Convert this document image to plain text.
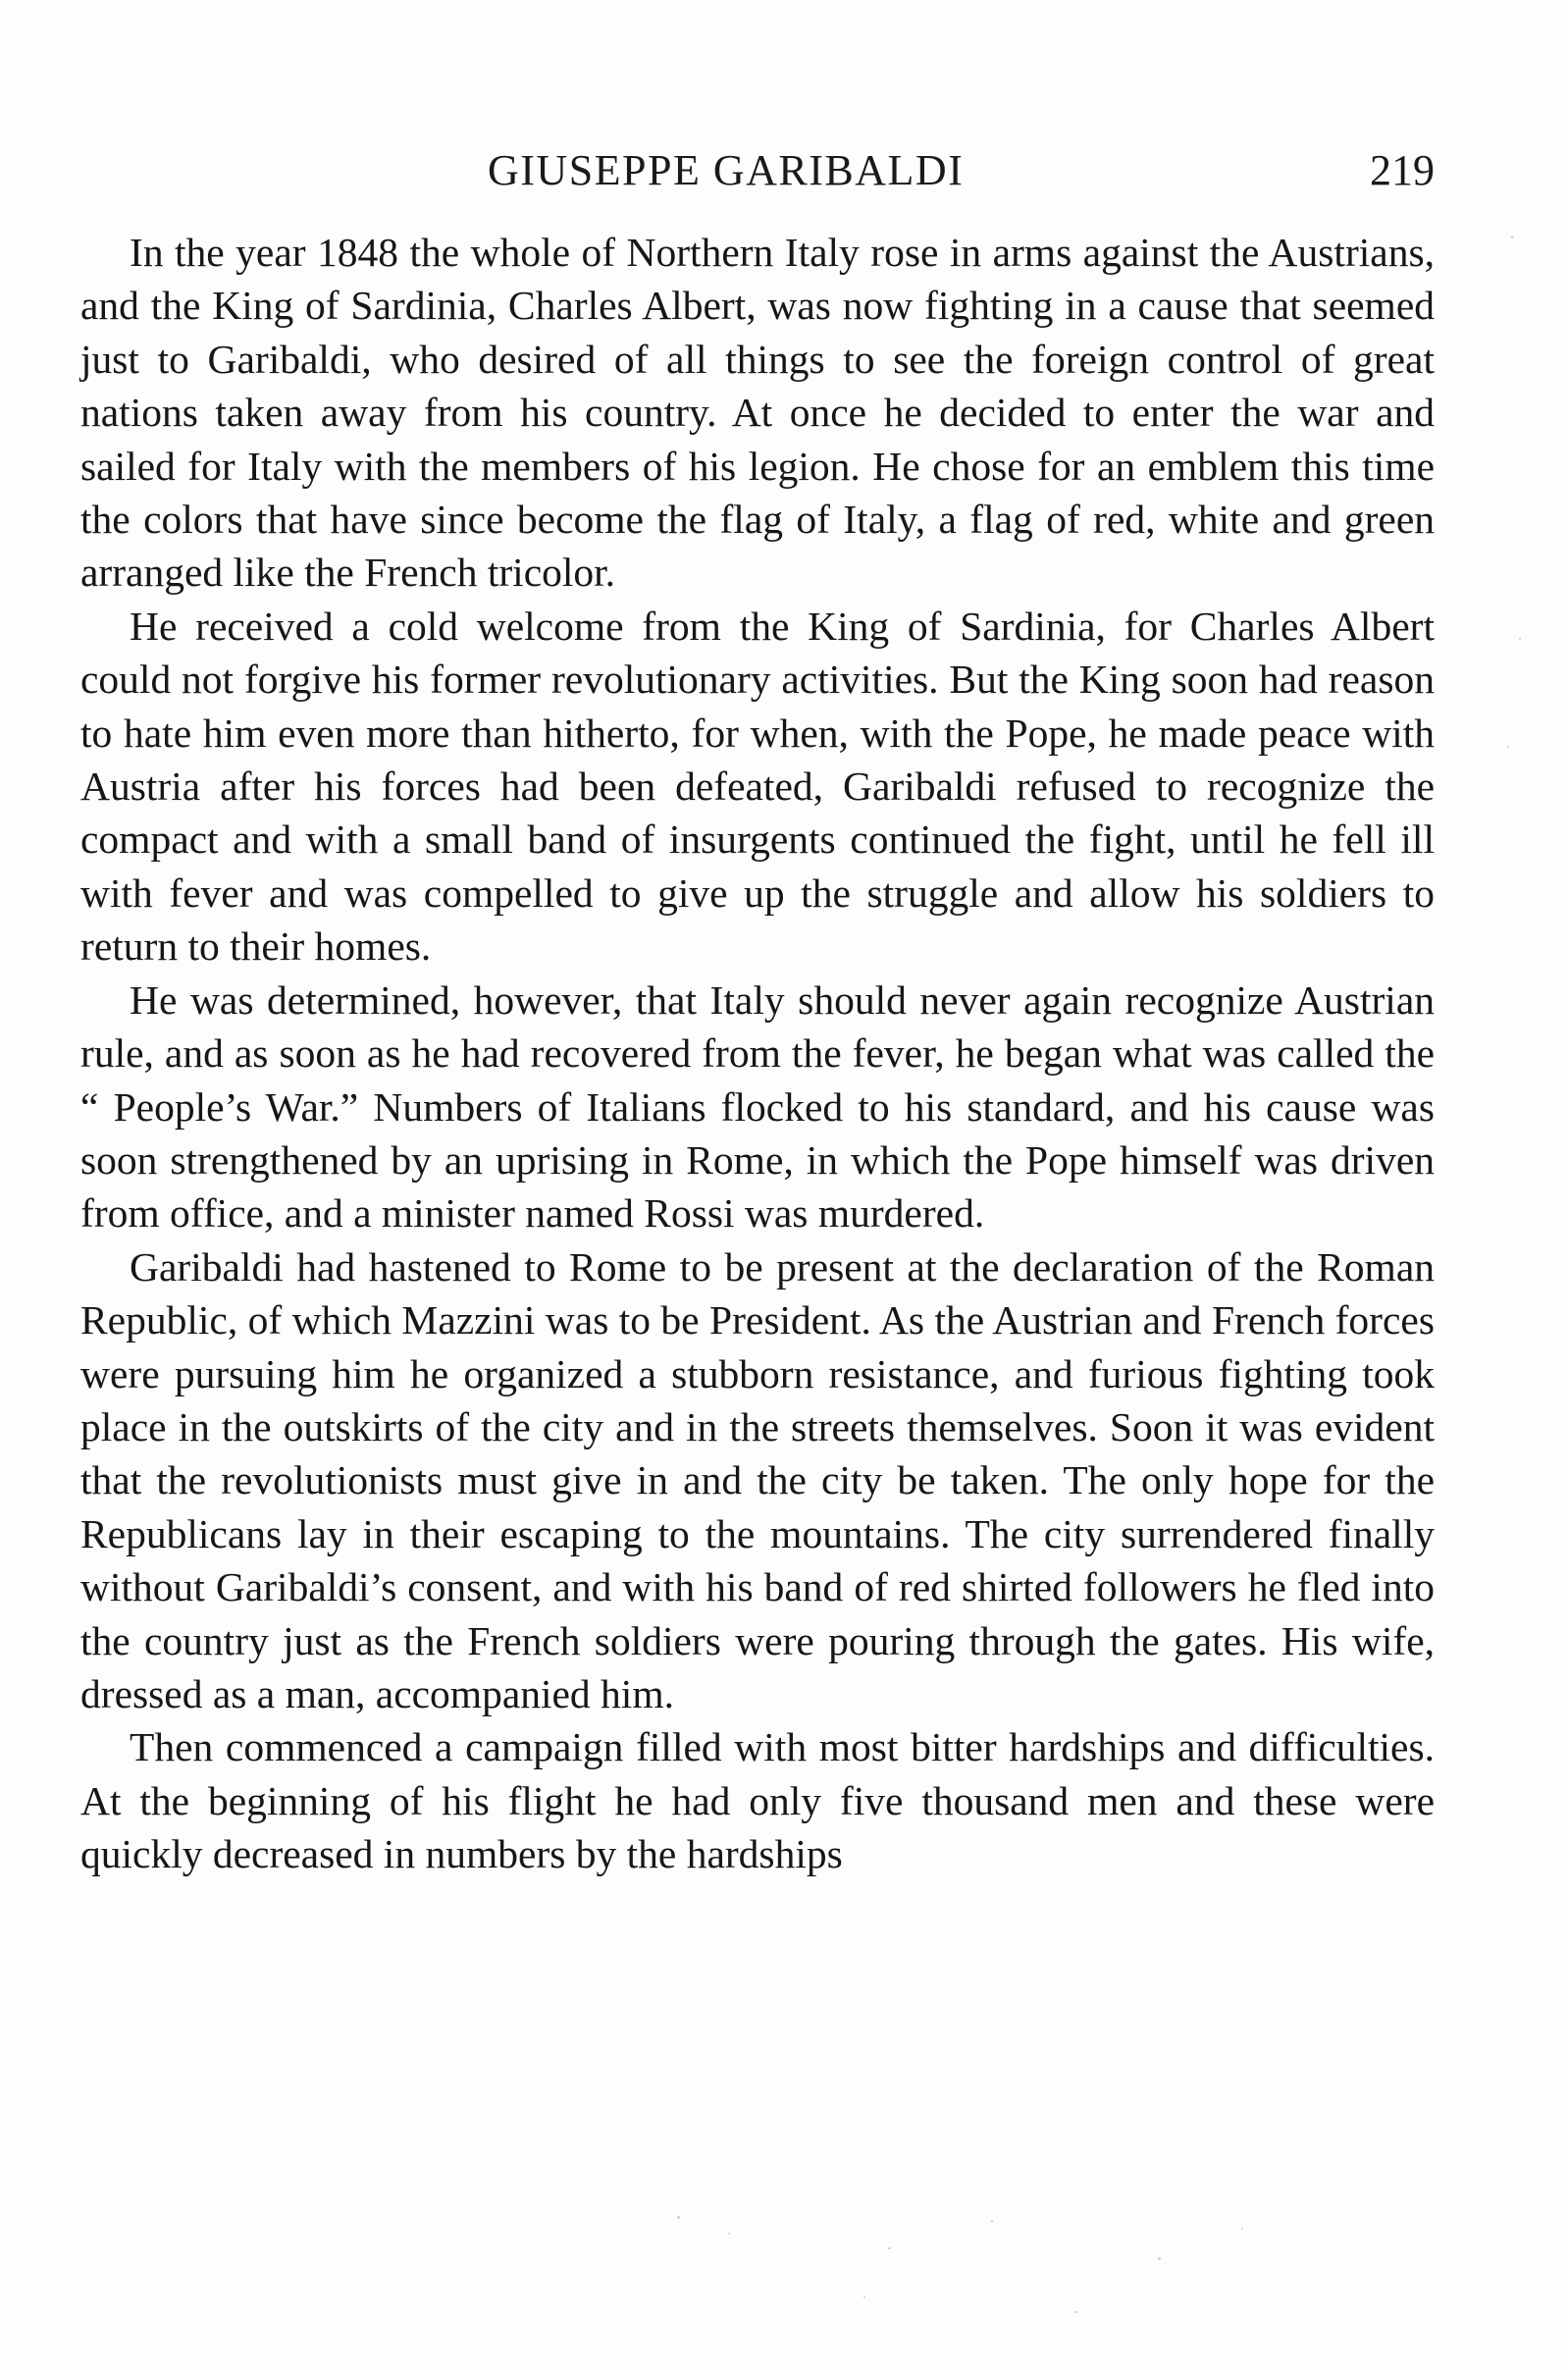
GIUSEPPE GARIBALDI	219

In the year 1848 the whole of Northern Italy rose in arms against the Austrians, and the King of Sardinia, Charles Albert, was now fighting in a cause that seemed just to Garibaldi, who desired of all things to see the foreign control of great nations taken away from his country. At once he decided to enter the war and sailed for Italy with the members of his legion. He chose for an emblem this time the colors that have since become the flag of Italy, a flag of red, white and green arranged like the French tricolor.

He received a cold welcome from the King of Sardinia, for Charles Albert could not forgive his former revolutionary activities. But the King soon had reason to hate him even more than hitherto, for when, with the Pope, he made peace with Austria after his forces had been defeated, Garibaldi refused to recognize the compact and with a small band of insurgents continued the fight, until he fell ill with fever and was compelled to give up the struggle and allow his soldiers to return to their homes.

He was determined, however, that Italy should never again recognize Austrian rule, and as soon as he had recovered from the fever, he began what was called the “ People’s War.” Numbers of Italians flocked to his standard, and his cause was soon strengthened by an uprising in Rome, in which the Pope himself was driven from office, and a minister named Rossi was murdered.

Garibaldi had hastened to Rome to be present at the declaration of the Roman Republic, of which Mazzini was to be President. As the Austrian and French forces were pursuing him he organized a stubborn resistance, and furious fighting took place in the outskirts of the city and in the streets themselves. Soon it was evident that the revolutionists must give in and the city be taken. The only hope for the Republicans lay in their escaping to the mountains. The city surrendered finally without Garibaldi’s consent, and with his band of red shirted followers he fled into the country just as the French soldiers were pouring through the gates. His wife, dressed as a man, accompanied him.

Then commenced a campaign filled with most bitter hardships and difficulties. At the beginning of his flight he had only five thousand men and these were quickly decreased in numbers by the hardships
